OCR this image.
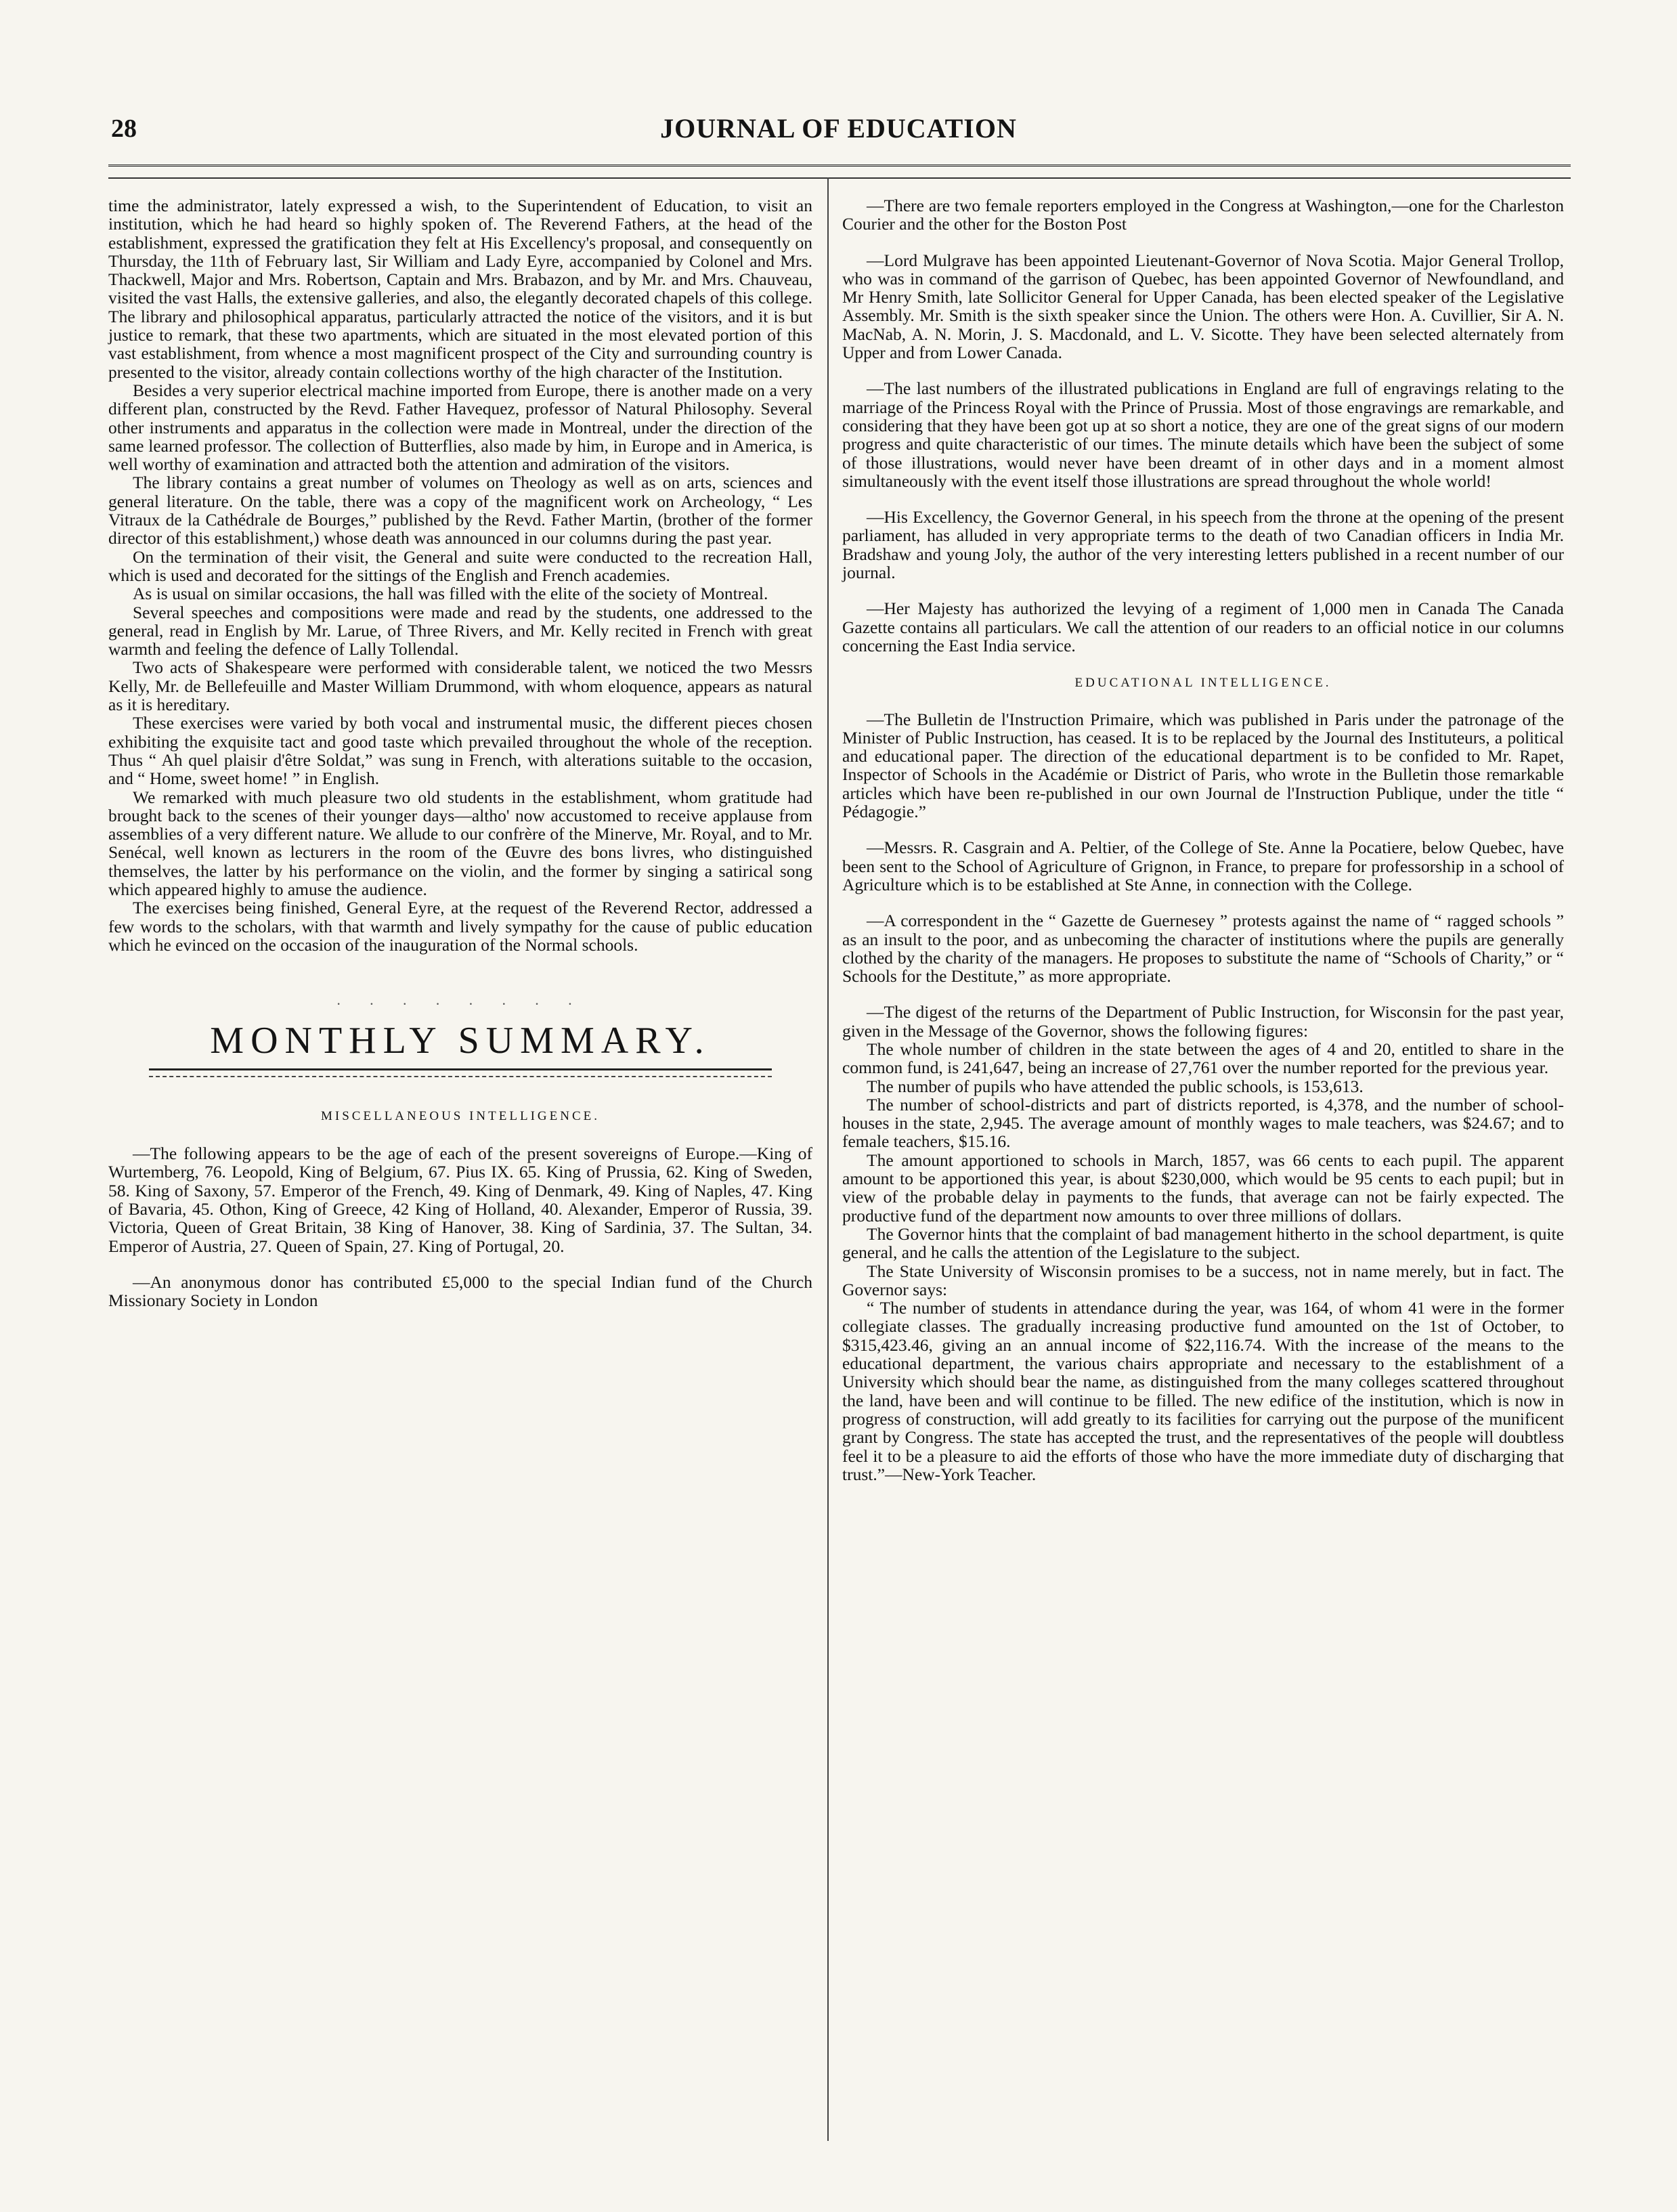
28	JOURNAL OF EDUCATION

time the administrator, lately expressed a wish, to the Superintendent of Education, to visit an institution, which he had heard so highly spoken of. The Reverend Fathers, at the head of the establishment, expressed the gratification they felt at His Excellency's proposal, and consequently on Thursday, the 11th of February last, Sir William and Lady Eyre, accompanied by Colonel and Mrs. Thackwell, Major and Mrs. Robertson, Captain and Mrs. Brabazon, and by Mr. and Mrs. Chauveau, visited the vast Halls, the extensive galleries, and also, the elegantly decorated chapels of this college. The library and philosophical apparatus, particularly attracted the notice of the visitors, and it is but justice to remark, that these two apartments, which are situated in the most elevated portion of this vast establishment, from whence a most magnificent prospect of the City and surrounding country is presented to the visitor, already contain collections worthy of the high character of the Institution.

Besides a very superior electrical machine imported from Europe, there is another made on a very different plan, constructed by the Revd. Father Havequez, professor of Natural Philosophy. Several other instruments and apparatus in the collection were made in Montreal, under the direction of the same learned professor. The collection of Butterflies, also made by him, in Europe and in America, is well worthy of examination and attracted both the attention and admiration of the visitors.

The library contains a great number of volumes on Theology as well as on arts, sciences and general literature. On the table, there was a copy of the magnificent work on Archeology, “ Les Vitraux de la Cathédrale de Bourges,” published by the Revd. Father Martin, (brother of the former director of this establishment,) whose death was announced in our columns during the past year.

On the termination of their visit, the General and suite were conducted to the recreation Hall, which is used and decorated for the sittings of the English and French academies.

As is usual on similar occasions, the hall was filled with the elite of the society of Montreal.

Several speeches and compositions were made and read by the students, one addressed to the general, read in English by Mr. Larue, of Three Rivers, and Mr. Kelly recited in French with great warmth and feeling the defence of Lally Tollendal.

Two acts of Shakespeare were performed with considerable talent, we noticed the two Messrs Kelly, Mr. de Bellefeuille and Master William Drummond, with whom eloquence, appears as natural as it is hereditary.

These exercises were varied by both vocal and instrumental music, the different pieces chosen exhibiting the exquisite tact and good taste which prevailed throughout the whole of the reception. Thus “ Ah quel plaisir d'être Soldat,” was sung in French, with alterations suitable to the occasion, and “ Home, sweet home! ” in English.

We remarked with much pleasure two old students in the establishment, whom gratitude had brought back to the scenes of their younger days—altho' now accustomed to receive applause from assemblies of a very different nature. We allude to our confrère of the Minerve, Mr. Royal, and to Mr. Senécal, well known as lecturers in the room of the Œuvre des bons livres, who distinguished themselves, the latter by his performance on the violin, and the former by singing a satirical song which appeared highly to amuse the audience.

The exercises being finished, General Eyre, at the request of the Reverend Rector, addressed a few words to the scholars, with that warmth and lively sympathy for the cause of public education which he evinced on the occasion of the inauguration of the Normal schools.

· · · · · · · ·
MONTHLY SUMMARY.
MISCELLANEOUS INTELLIGENCE.

—The following appears to be the age of each of the present sovereigns of Europe.—King of Wurtemberg, 76. Leopold, King of Belgium, 67. Pius IX. 65. King of Prussia, 62. King of Sweden, 58. King of Saxony, 57. Emperor of the French, 49. King of Denmark, 49. King of Naples, 47. King of Bavaria, 45. Othon, King of Greece, 42 King of Holland, 40. Alexander, Emperor of Russia, 39. Victoria, Queen of Great Britain, 38 King of Hanover, 38. King of Sardinia, 37. The Sultan, 34. Emperor of Austria, 27. Queen of Spain, 27. King of Portugal, 20.

—An anonymous donor has contributed £5,000 to the special Indian fund of the Church Missionary Society in London

—There are two female reporters employed in the Congress at Washington,—one for the Charleston Courier and the other for the Boston Post

—Lord Mulgrave has been appointed Lieutenant-Governor of Nova Scotia. Major General Trollop, who was in command of the garrison of Quebec, has been appointed Governor of Newfoundland, and Mr Henry Smith, late Sollicitor General for Upper Canada, has been elected speaker of the Legislative Assembly. Mr. Smith is the sixth speaker since the Union. The others were Hon. A. Cuvillier, Sir A. N. MacNab, A. N. Morin, J. S. Macdonald, and L. V. Sicotte. They have been selected alternately from Upper and from Lower Canada.

—The last numbers of the illustrated publications in England are full of engravings relating to the marriage of the Princess Royal with the Prince of Prussia. Most of those engravings are remarkable, and considering that they have been got up at so short a notice, they are one of the great signs of our modern progress and quite characteristic of our times. The minute details which have been the subject of some of those illustrations, would never have been dreamt of in other days and in a moment almost simultaneously with the event itself those illustrations are spread throughout the whole world!

—His Excellency, the Governor General, in his speech from the throne at the opening of the present parliament, has alluded in very appropriate terms to the death of two Canadian officers in India Mr. Bradshaw and young Joly, the author of the very interesting letters published in a recent number of our journal.

—Her Majesty has authorized the levying of a regiment of 1,000 men in Canada The Canada Gazette contains all particulars. We call the attention of our readers to an official notice in our columns concerning the East India service.

EDUCATIONAL INTELLIGENCE.

—The Bulletin de l'Instruction Primaire, which was published in Paris under the patronage of the Minister of Public Instruction, has ceased. It is to be replaced by the Journal des Instituteurs, a political and educational paper. The direction of the educational department is to be confided to Mr. Rapet, Inspector of Schools in the Académie or District of Paris, who wrote in the Bulletin those remarkable articles which have been re-published in our own Journal de l'Instruction Publique, under the title “ Pédagogie.”

—Messrs. R. Casgrain and A. Peltier, of the College of Ste. Anne la Pocatiere, below Quebec, have been sent to the School of Agriculture of Grignon, in France, to prepare for professorship in a school of Agriculture which is to be established at Ste Anne, in connection with the College.

—A correspondent in the “ Gazette de Guernesey ” protests against the name of “ ragged schools ” as an insult to the poor, and as unbecoming the character of institutions where the pupils are generally clothed by the charity of the managers. He proposes to substitute the name of “Schools of Charity,” or “ Schools for the Destitute,” as more appropriate.

—The digest of the returns of the Department of Public Instruction, for Wisconsin for the past year, given in the Message of the Governor, shows the following figures:

The whole number of children in the state between the ages of 4 and 20, entitled to share in the common fund, is 241,647, being an increase of 27,761 over the number reported for the previous year.

The number of pupils who have attended the public schools, is 153,613.

The number of school-districts and part of districts reported, is 4,378, and the number of school-houses in the state, 2,945. The average amount of monthly wages to male teachers, was $24.67; and to female teachers, $15.16.

The amount apportioned to schools in March, 1857, was 66 cents to each pupil. The apparent amount to be apportioned this year, is about $230,000, which would be 95 cents to each pupil; but in view of the probable delay in payments to the funds, that average can not be fairly expected. The productive fund of the department now amounts to over three millions of dollars.

The Governor hints that the complaint of bad management hitherto in the school department, is quite general, and he calls the attention of the Legislature to the subject.

The State University of Wisconsin promises to be a success, not in name merely, but in fact. The Governor says:

“ The number of students in attendance during the year, was 164, of whom 41 were in the former collegiate classes. The gradually increasing productive fund amounted on the 1st of October, to $315,423.46, giving an an annual income of $22,116.74. With the increase of the means to the educational department, the various chairs appropriate and necessary to the establishment of a University which should bear the name, as distinguished from the many colleges scattered throughout the land, have been and will continue to be filled. The new edifice of the institution, which is now in progress of construction, will add greatly to its facilities for carrying out the purpose of the munificent grant by Congress. The state has accepted the trust, and the representatives of the people will doubtless feel it to be a pleasure to aid the efforts of those who have the more immediate duty of discharging that trust.”—New-York Teacher.
